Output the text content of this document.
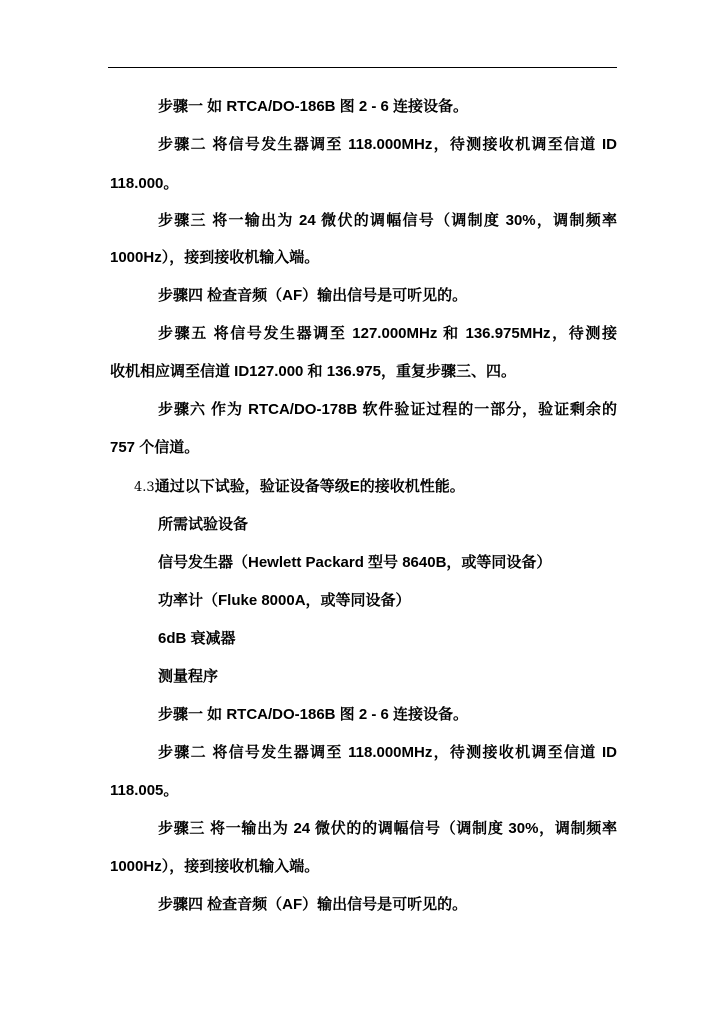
步骤一 如 RTCA/DO-186B 图 2 - 6 连接设备。
步骤二 将信号发生器调至 118.000MHz，待测接收机调至信道 ID
118.000。
步骤三 将一输出为 24 微伏的调幅信号（调制度 30%，调制频率
1000Hz），接到接收机输入端。
步骤四 检查音频（AF）输出信号是可听见的。
步骤五 将信号发生器调至 127.000MHz 和 136.975MHz，待测接
收机相应调至信道 ID127.000 和 136.975，重复步骤三、四。
步骤六 作为 RTCA/DO-178B 软件验证过程的一部分，验证剩余的
757 个信道。
4.3通过以下试验，验证设备等级E的接收机性能。
所需试验设备
信号发生器（Hewlett Packard 型号 8640B，或等同设备）
功率计（Fluke 8000A，或等同设备）
6dB 衰减器
测量程序
步骤一 如 RTCA/DO-186B 图 2 - 6 连接设备。
步骤二 将信号发生器调至 118.000MHz，待测接收机调至信道 ID
118.005。
步骤三 将一输出为 24 微伏的的调幅信号（调制度 30%，调制频率
1000Hz），接到接收机输入端。
步骤四 检查音频（AF）输出信号是可听见的。
